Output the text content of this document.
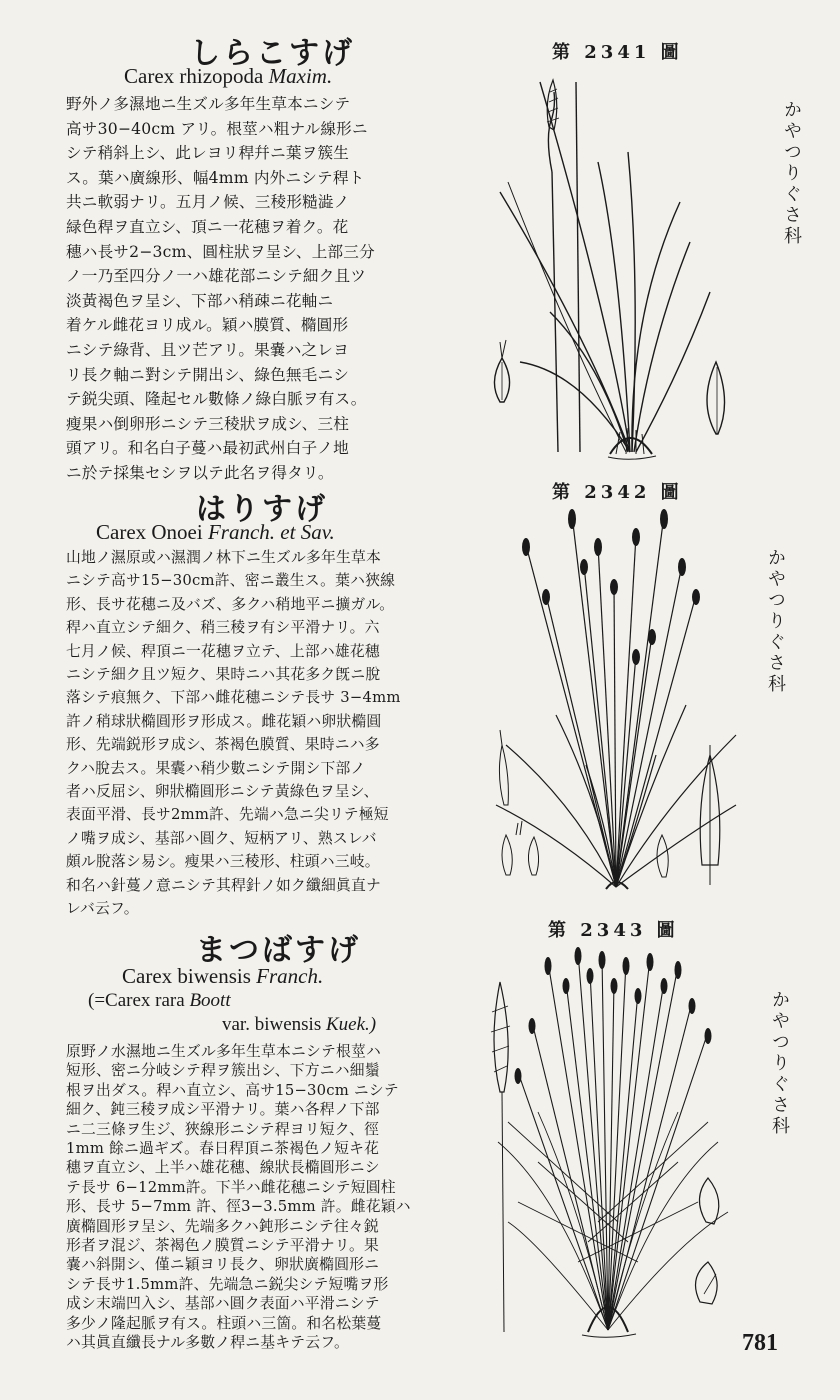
しらこすげ
Carex rhizopoda Maxim.
野外ノ多濕地ニ生ズル多年生草本ニシテ
高サ30−40cm アリ。根莖ハ粗ナル線形ニ
シテ稍斜上シ、此レヨリ稈幷ニ葉ヲ簇生
ス。葉ハ廣線形、幅4mm 内外ニシテ稈ト
共ニ軟弱ナリ。五月ノ候、三稜形糙澁ノ
緑色稈ヲ直立シ、頂ニ一花穗ヲ着ク。花
穗ハ長サ2−3cm、圓柱狀ヲ呈シ、上部三分
ノ一乃至四分ノ一ハ雄花部ニシテ細ク且ツ
淡黃褐色ヲ呈シ、下部ハ稍疎ニ花軸ニ
着ケル雌花ヨリ成ル。穎ハ膜質、橢圓形
ニシテ綠背、且ツ芒アリ。果嚢ハ之レヨ
リ長ク軸ニ對シテ開出シ、綠色無毛ニシ
テ鋭尖頭、隆起セル數條ノ綠白脈ヲ有ス。
瘦果ハ倒卵形ニシテ三稜狀ヲ成シ、三柱
頭アリ。和名白子蔓ハ最初武州白子ノ地
ニ於テ採集セシヲ以テ此名ヲ得タリ。
第 2341 圖
かやつりぐさ科
はりすげ
Carex Onoei Franch. et Sav.
山地ノ濕原或ハ濕潤ノ林下ニ生ズル多年生草本
ニシテ高サ15−30cm許、密ニ叢生ス。葉ハ狹線
形、長サ花穗ニ及バズ、多クハ稍地平ニ擴ガル。
稈ハ直立シテ細ク、稍三稜ヲ有シ平滑ナリ。六
七月ノ候、稈頂ニ一花穗ヲ立テ、上部ハ雄花穗
ニシテ細ク且ツ短ク、果時ニハ其花多ク旣ニ脫
落シテ痕無ク、下部ハ雌花穗ニシテ長サ 3−4mm
許ノ稍球狀橢圓形ヲ形成ス。雌花穎ハ卵狀橢圓
形、先端鋭形ヲ成シ、茶褐色膜質、果時ニハ多
クハ脫去ス。果囊ハ稍少數ニシテ開シ下部ノ
者ハ反屈シ、卵狀橢圓形ニシテ黃綠色ヲ呈シ、
表面平滑、長サ2mm許、先端ハ急ニ尖リテ極短
ノ嘴ヲ成シ、基部ハ圓ク、短柄アリ、熟スレバ
頗ル脫落シ易シ。瘦果ハ三稜形、柱頭ハ三岐。
和名ハ針蔓ノ意ニシテ其稈針ノ如ク纖細眞直ナ
レバ云フ。
第 2342 圖
かやつりぐさ科
まつばすげ
Carex biwensis Franch.
(=Carex rara Boott
var. biwensis Kuek.)
原野ノ水濕地ニ生ズル多年生草本ニシテ根莖ハ
短形、密ニ分岐シテ稈ヲ簇出シ、下方ニハ細鬚
根ヲ出ダス。稈ハ直立シ、高サ15−30cm ニシテ
細ク、鈍三稜ヲ成シ平滑ナリ。葉ハ各稈ノ下部
ニ二三條ヲ生ジ、狹線形ニシテ稈ヨリ短ク、徑
1mm 餘ニ過ギズ。春日稈頂ニ茶褐色ノ短キ花
穗ヲ直立シ、上半ハ雄花穗、線狀長橢圓形ニシ
テ長サ 6−12mm許。下半ハ雌花穗ニシテ短圓柱
形、長サ 5−7mm 許、徑3−3.5mm 許。雌花穎ハ
廣橢圓形ヲ呈シ、先端多クハ鈍形ニシテ往々鋭
形者ヲ混ジ、茶褐色ノ膜質ニシテ平滑ナリ。果
嚢ハ斜開シ、僅ニ穎ヨリ長ク、卵狀廣橢圓形ニ
シテ長サ1.5mm許、先端急ニ鋭尖シテ短嘴ヲ形
成シ末端凹入シ、基部ハ圓ク表面ハ平滑ニシテ
多少ノ隆起脈ヲ有ス。柱頭ハ三箇。和名松葉蔓
ハ其眞直纖長ナル多數ノ稈ニ基キテ云フ。
第 2343 圖
かやつりぐさ科
781
